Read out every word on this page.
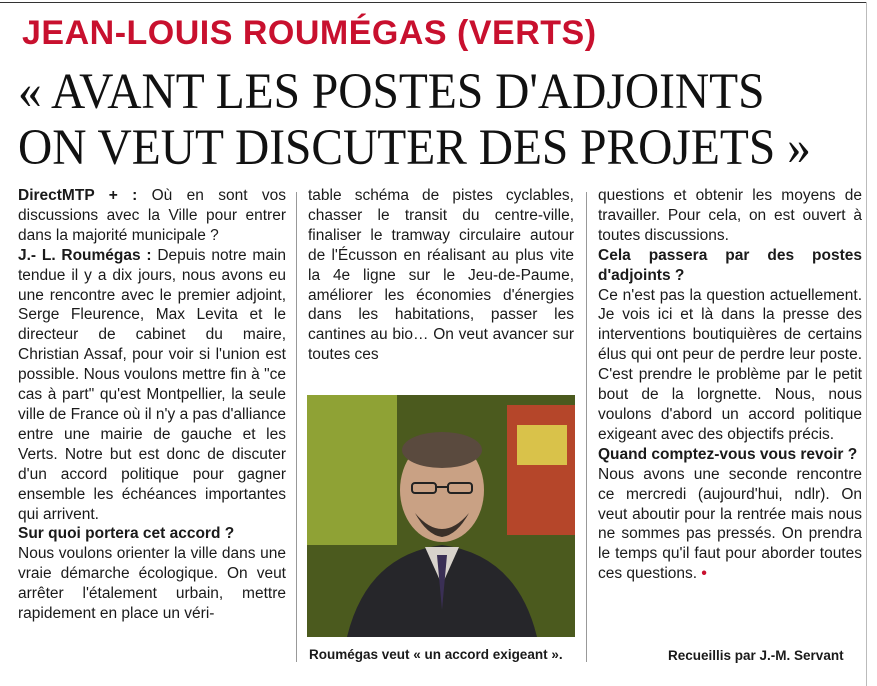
JEAN-LOUIS ROUMÉGAS (VERTS)
« AVANT LES POSTES D'ADJOINTS
ON VEUT DISCUTER DES PROJETS »

DirectMTP + : Où en sont vos discussions avec la Ville pour entrer dans la majorité municipale ?

J.- L. Roumégas : Depuis notre main tendue il y a dix jours, nous avons eu une rencontre avec le premier adjoint, Serge Fleurence, Max Levita et le directeur de cabinet du maire, Christian Assaf, pour voir si l'union est possible. Nous voulons mettre fin à "ce cas à part" qu'est Montpellier, la seule ville de France où il n'y a pas d'alliance entre une mairie de gauche et les Verts. Notre but est donc de discuter d'un accord politique pour gagner ensemble les échéances importantes qui arrivent.

Sur quoi portera cet accord ?

Nous voulons orienter la ville dans une vraie démarche écologique. On veut arrêter l'étalement urbain, mettre rapidement en place un véri-

table schéma de pistes cyclables, chasser le transit du centre-ville, finaliser le tramway circulaire autour de l'Écusson en réalisant au plus vite la 4e ligne sur le Jeu-de-Paume, améliorer les économies d'énergies dans les habitations, passer les cantines au bio… On veut avancer sur toutes ces

Roumégas veut « un accord exigeant ».

questions et obtenir les moyens de travailler. Pour cela, on est ouvert à toutes discussions.

Cela passera par des postes d'adjoints ?

Ce n'est pas la question actuellement. Je vois ici et là dans la presse des interventions boutiquières de certains élus qui ont peur de perdre leur poste. C'est prendre le problème par le petit bout de la lorgnette. Nous, nous voulons d'abord un accord politique exigeant avec des objectifs précis.

Quand comptez-vous vous revoir ?

Nous avons une seconde rencontre ce mercredi (aujourd'hui, ndlr). On veut aboutir pour la rentrée mais nous ne sommes pas pressés. On prendra le temps qu'il faut pour aborder toutes ces questions. •

Recueillis par J.-M. Servant
